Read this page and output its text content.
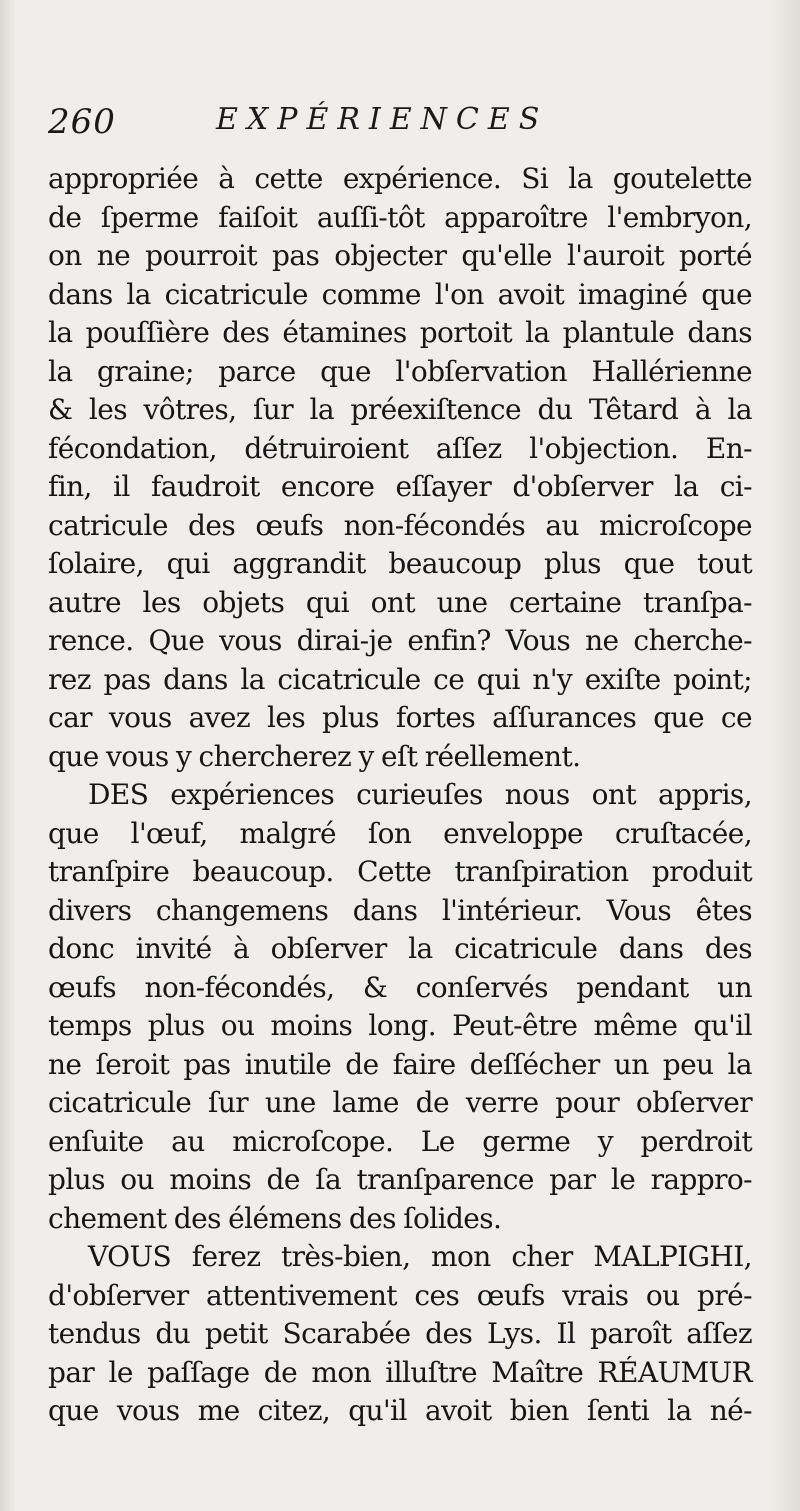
260	EXPÉRIENCES
appropriée à cette expérience. Si la goutelette
de ſperme faiſoit auſſi-tôt apparoître l'embryon,
on ne pourroit pas objecter qu'elle l'auroit porté
dans la cicatricule comme l'on avoit imaginé que
la pouſſière des étamines portoit la plantule dans
la graine; parce que l'obſervation Hallérienne
& les vôtres, ſur la préexiſtence du Têtard à la
fécondation, détruiroient aſſez l'objection. En-
fin, il faudroit encore eſſayer d'obſerver la ci-
catricule des œufs non-fécondés au microſcope
ſolaire, qui aggrandit beaucoup plus que tout
autre les objets qui ont une certaine tranſpa-
rence. Que vous dirai-je enfin? Vous ne cherche-
rez pas dans la cicatricule ce qui n'y exiſte point;
car vous avez les plus fortes aſſurances que ce
que vous y chercherez y eſt réellement.
DES expériences curieuſes nous ont appris,
que l'œuf, malgré ſon enveloppe cruſtacée,
tranſpire beaucoup. Cette tranſpiration produit
divers changemens dans l'intérieur. Vous êtes
donc invité à obſerver la cicatricule dans des
œufs non-fécondés, & conſervés pendant un
temps plus ou moins long. Peut-être même qu'il
ne ſeroit pas inutile de faire deſſécher un peu la
cicatricule ſur une lame de verre pour obſerver
enſuite au microſcope. Le germe y perdroit
plus ou moins de ſa tranſparence par le rappro-
chement des élémens des ſolides.
VOUS ferez très-bien, mon cher MALPIGHI,
d'obſerver attentivement ces œufs vrais ou pré-
tendus du petit Scarabée des Lys. Il paroît aſſez
par le paſſage de mon illuſtre Maître RÉAUMUR
que vous me citez, qu'il avoit bien ſenti la né-
